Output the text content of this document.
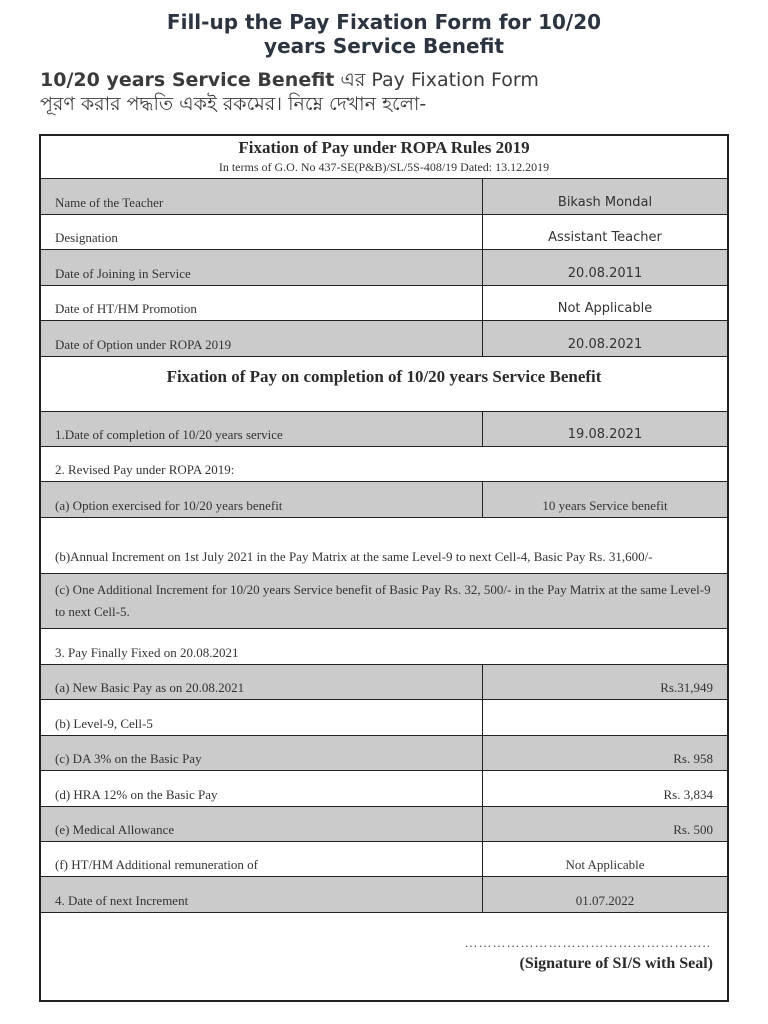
Fill-up the Pay Fixation Form for 10/20
years Service Benefit
10/20 years Service Benefit এর Pay Fixation Form
পূরণ করার পদ্ধতি একই রকমের। নিম্নে দেখান হলো-
Fixation of Pay under ROPA Rules 2019
In terms of G.O. No 437-SE(P&B)/SL/5S-408/19 Dated: 13.12.2019
Name of the Teacher	Bikash Mondal
Designation	Assistant Teacher
Date of Joining in Service	20.08.2011
Date of HT/HM Promotion	Not Applicable
Date of Option under ROPA 2019	20.08.2021
Fixation of Pay on completion of 10/20 years Service Benefit
1.Date of completion of 10/20 years service	19.08.2021
2. Revised Pay under ROPA 2019:
(a) Option exercised for 10/20 years benefit	10 years Service benefit
(b)Annual Increment on 1st July 2021 in the Pay Matrix at the same Level-9 to next Cell-4, Basic Pay Rs. 31,600/-
(c) One Additional Increment for 10/20 years Service benefit of Basic Pay Rs. 32, 500/- in the Pay Matrix at the same Level-9 to next Cell-5.
3. Pay Finally Fixed on 20.08.2021
(a) New Basic Pay as on 20.08.2021	Rs.31,949
(b) Level-9, Cell-5
(c) DA 3% on the Basic Pay	Rs. 958
(d) HRA 12% on the Basic Pay	Rs. 3,834
(e) Medical Allowance	Rs. 500
(f) HT/HM Additional remuneration of	Not Applicable
4. Date of next Increment	01.07.2022
……………………………………………..
(Signature of SI/S with Seal)
